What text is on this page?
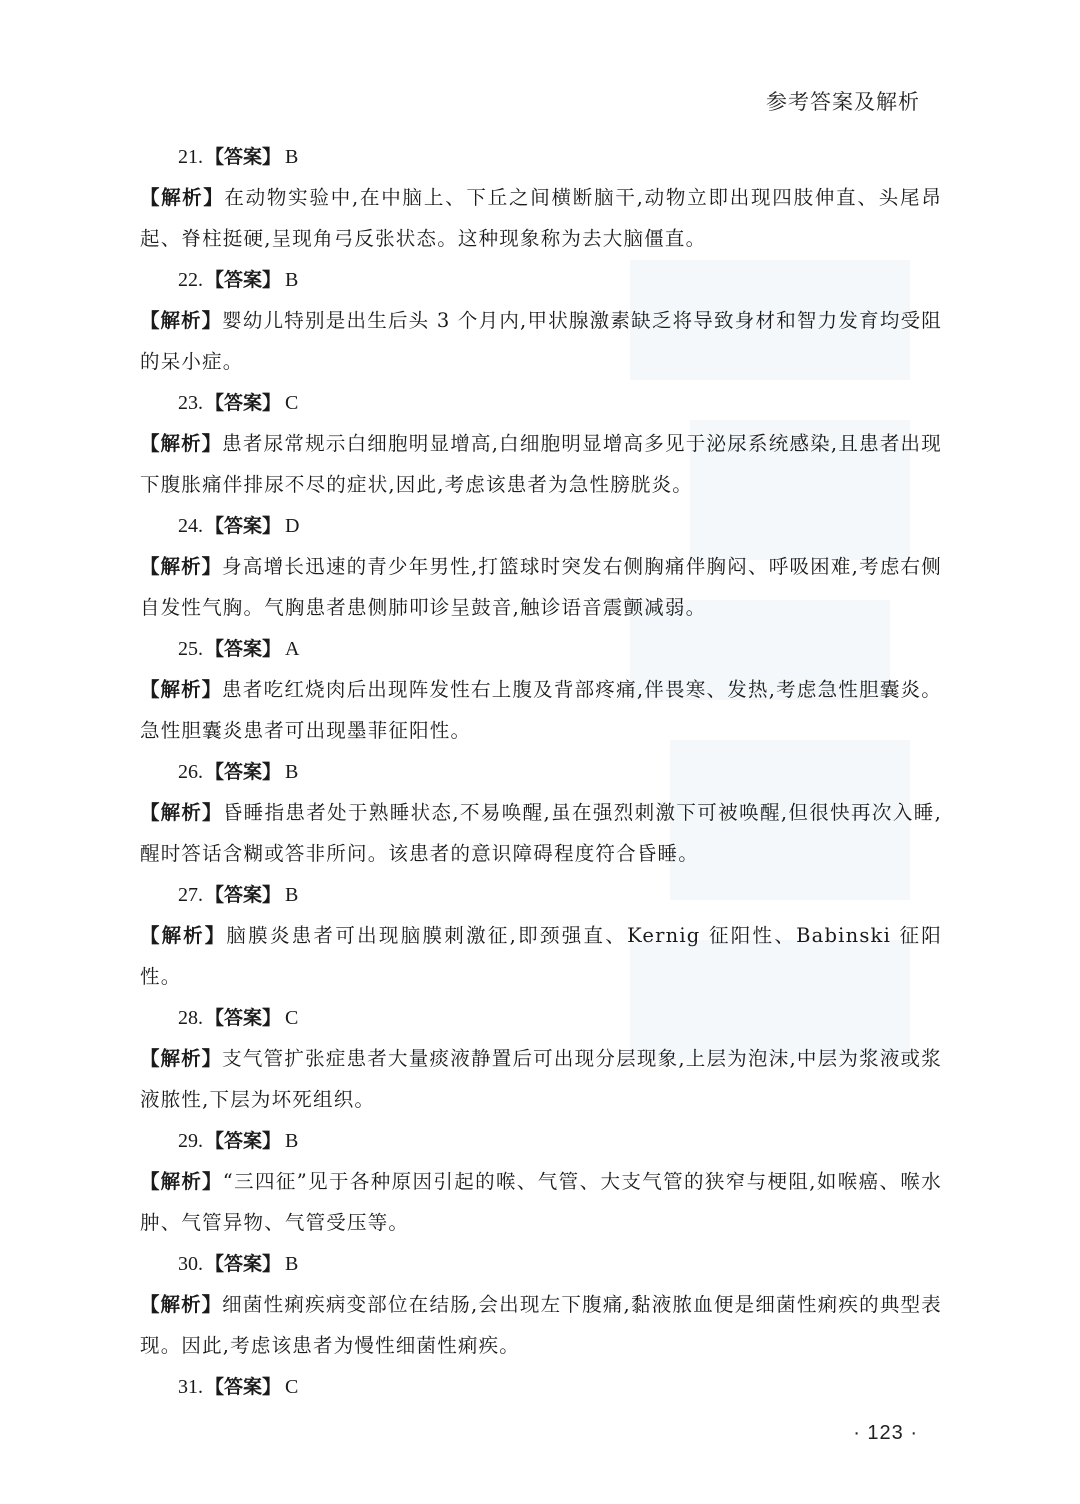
参考答案及解析
21. 【答案】 B

【解析】在动物实验中,在中脑上、下丘之间横断脑干,动物立即出现四肢伸直、头尾昂起、脊柱挺硬,呈现角弓反张状态。这种现象称为去大脑僵直。

22. 【答案】 B

【解析】婴幼儿特别是出生后头 3 个月内,甲状腺激素缺乏将导致身材和智力发育均受阻的呆小症。

23. 【答案】 C

【解析】患者尿常规示白细胞明显增高,白细胞明显增高多见于泌尿系统感染,且患者出现下腹胀痛伴排尿不尽的症状,因此,考虑该患者为急性膀胱炎。

24. 【答案】 D

【解析】身高增长迅速的青少年男性,打篮球时突发右侧胸痛伴胸闷、呼吸困难,考虑右侧自发性气胸。气胸患者患侧肺叩诊呈鼓音,触诊语音震颤减弱。

25. 【答案】 A

【解析】患者吃红烧肉后出现阵发性右上腹及背部疼痛,伴畏寒、发热,考虑急性胆囊炎。急性胆囊炎患者可出现墨菲征阳性。

26. 【答案】 B

【解析】昏睡指患者处于熟睡状态,不易唤醒,虽在强烈刺激下可被唤醒,但很快再次入睡,醒时答话含糊或答非所问。该患者的意识障碍程度符合昏睡。

27. 【答案】 B

【解析】脑膜炎患者可出现脑膜刺激征,即颈强直、Kernig 征阳性、Babinski 征阳性。

28. 【答案】 C

【解析】支气管扩张症患者大量痰液静置后可出现分层现象,上层为泡沫,中层为浆液或浆液脓性,下层为坏死组织。

29. 【答案】 B

【解析】“三四征”见于各种原因引起的喉、气管、大支气管的狭窄与梗阻,如喉癌、喉水肿、气管异物、气管受压等。

30. 【答案】 B

【解析】细菌性痢疾病变部位在结肠,会出现左下腹痛,黏液脓血便是细菌性痢疾的典型表现。因此,考虑该患者为慢性细菌性痢疾。

31. 【答案】 C
· 123 ·
